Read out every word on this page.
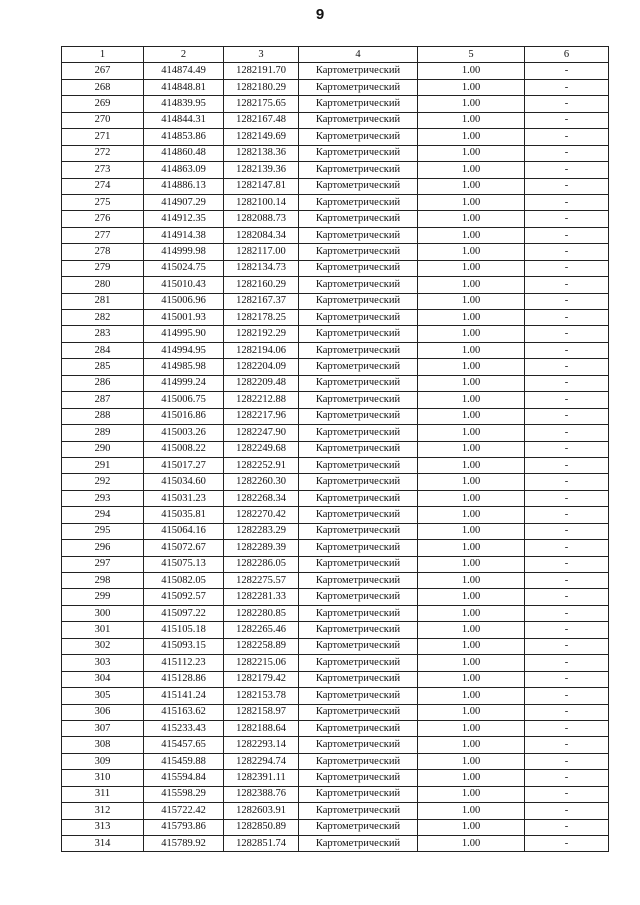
9
1	2	3	4	5	6
267	414874.49	1282191.70	Картометрический	1.00	-
268	414848.81	1282180.29	Картометрический	1.00	-
269	414839.95	1282175.65	Картометрический	1.00	-
270	414844.31	1282167.48	Картометрический	1.00	-
271	414853.86	1282149.69	Картометрический	1.00	-
272	414860.48	1282138.36	Картометрический	1.00	-
273	414863.09	1282139.36	Картометрический	1.00	-
274	414886.13	1282147.81	Картометрический	1.00	-
275	414907.29	1282100.14	Картометрический	1.00	-
276	414912.35	1282088.73	Картометрический	1.00	-
277	414914.38	1282084.34	Картометрический	1.00	-
278	414999.98	1282117.00	Картометрический	1.00	-
279	415024.75	1282134.73	Картометрический	1.00	-
280	415010.43	1282160.29	Картометрический	1.00	-
281	415006.96	1282167.37	Картометрический	1.00	-
282	415001.93	1282178.25	Картометрический	1.00	-
283	414995.90	1282192.29	Картометрический	1.00	-
284	414994.95	1282194.06	Картометрический	1.00	-
285	414985.98	1282204.09	Картометрический	1.00	-
286	414999.24	1282209.48	Картометрический	1.00	-
287	415006.75	1282212.88	Картометрический	1.00	-
288	415016.86	1282217.96	Картометрический	1.00	-
289	415003.26	1282247.90	Картометрический	1.00	-
290	415008.22	1282249.68	Картометрический	1.00	-
291	415017.27	1282252.91	Картометрический	1.00	-
292	415034.60	1282260.30	Картометрический	1.00	-
293	415031.23	1282268.34	Картометрический	1.00	-
294	415035.81	1282270.42	Картометрический	1.00	-
295	415064.16	1282283.29	Картометрический	1.00	-
296	415072.67	1282289.39	Картометрический	1.00	-
297	415075.13	1282286.05	Картометрический	1.00	-
298	415082.05	1282275.57	Картометрический	1.00	-
299	415092.57	1282281.33	Картометрический	1.00	-
300	415097.22	1282280.85	Картометрический	1.00	-
301	415105.18	1282265.46	Картометрический	1.00	-
302	415093.15	1282258.89	Картометрический	1.00	-
303	415112.23	1282215.06	Картометрический	1.00	-
304	415128.86	1282179.42	Картометрический	1.00	-
305	415141.24	1282153.78	Картометрический	1.00	-
306	415163.62	1282158.97	Картометрический	1.00	-
307	415233.43	1282188.64	Картометрический	1.00	-
308	415457.65	1282293.14	Картометрический	1.00	-
309	415459.88	1282294.74	Картометрический	1.00	-
310	415594.84	1282391.11	Картометрический	1.00	-
311	415598.29	1282388.76	Картометрический	1.00	-
312	415722.42	1282603.91	Картометрический	1.00	-
313	415793.86	1282850.89	Картометрический	1.00	-
314	415789.92	1282851.74	Картометрический	1.00	-
